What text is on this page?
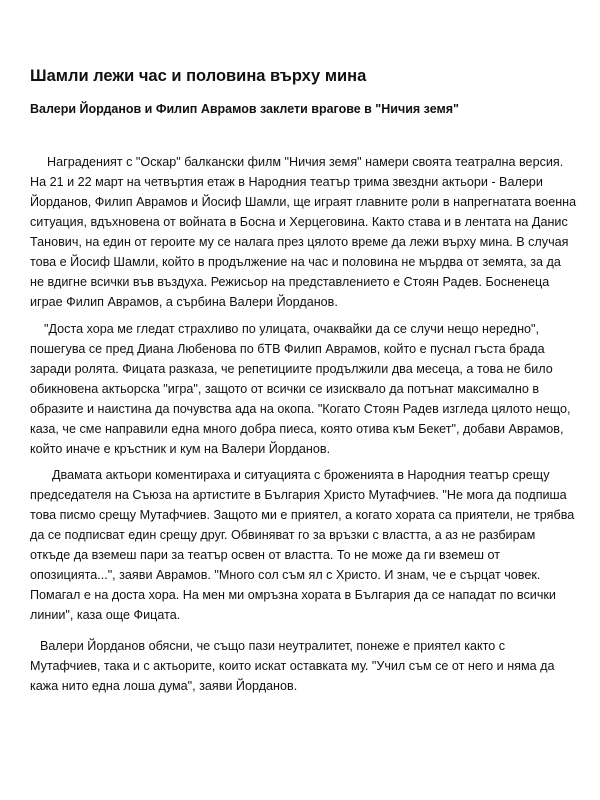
Шамли лежи час и половина върху мина
Валери Йорданов и Филип Аврамов заклети врагове в "Ничия земя"

Наградeният с "Оскар" балкански филм "Ничия земя" намери своята театрална версия. На 21 и 22 март на четвъртия етаж в Народния театър трима звездни актьори - Валери Йорданов, Филип Аврамов и Йосиф Шамли, ще играят главните роли в напрегнатата военна ситуация, вдъхновена от войната в Босна и Херцеговина. Както става и в лентата на Данис Танович, на един от героите му се налага през цялото време да лежи върху мина. В случая това е Йосиф Шамли, който в продължение на час и половина не мърдва от земята, за да не вдигне всички във въздуха. Режисьор на представлението е Стоян Радев. Босненеца играе Филип Аврамов, а сърбина Валери Йорданов.

"Доста хора ме гледат страхливо по улицата, очаквайки да се случи нещо нередно", пошегува се пред Диана Любенова по бТВ Филип Аврамов, който е пуснал гъста брада заради ролята. Фицата разказа, че репетициите продължили два месеца, а това не било обикновена актьорска "игра", защото от всички се изисквало да потънат максимално в образите и наистина да почувства ада на окопа. "Когато Стоян Радев изгледа цялото нещо, каза, че сме направили една много добра пиеса, която отива към Бекет", добави Аврамов, който иначе е кръстник и кум на Валери Йорданов.

Двамата актьори коментираха и ситуацията с броженията в Народния театър срещу председателя на Съюза на артистите в България Христо Мутафчиев. "Не мога да подпиша това писмо срещу Мутафчиев. Защото ми е приятел, а когато хората са приятели, не трябва да се подписват един срещу друг. Обвиняват го за връзки с властта, а аз не разбирам откъде да вземеш пари за театър освен от властта. То не може да ги вземеш от опозицията...", заяви Аврамов. "Много сол съм ял с Христо. И знам, че е сърцат човек. Помагал е на доста хора. На мен ми омръзна хората в България да се нападат по всички линии", каза още Фицата.

Валери Йорданов обясни, че също пази неутралитет, понеже е приятел както с Мутафчиев, така и с актьорите, които искат оставката му. "Учил съм се от него и няма да кажа нито една лоша дума", заяви Йорданов.
